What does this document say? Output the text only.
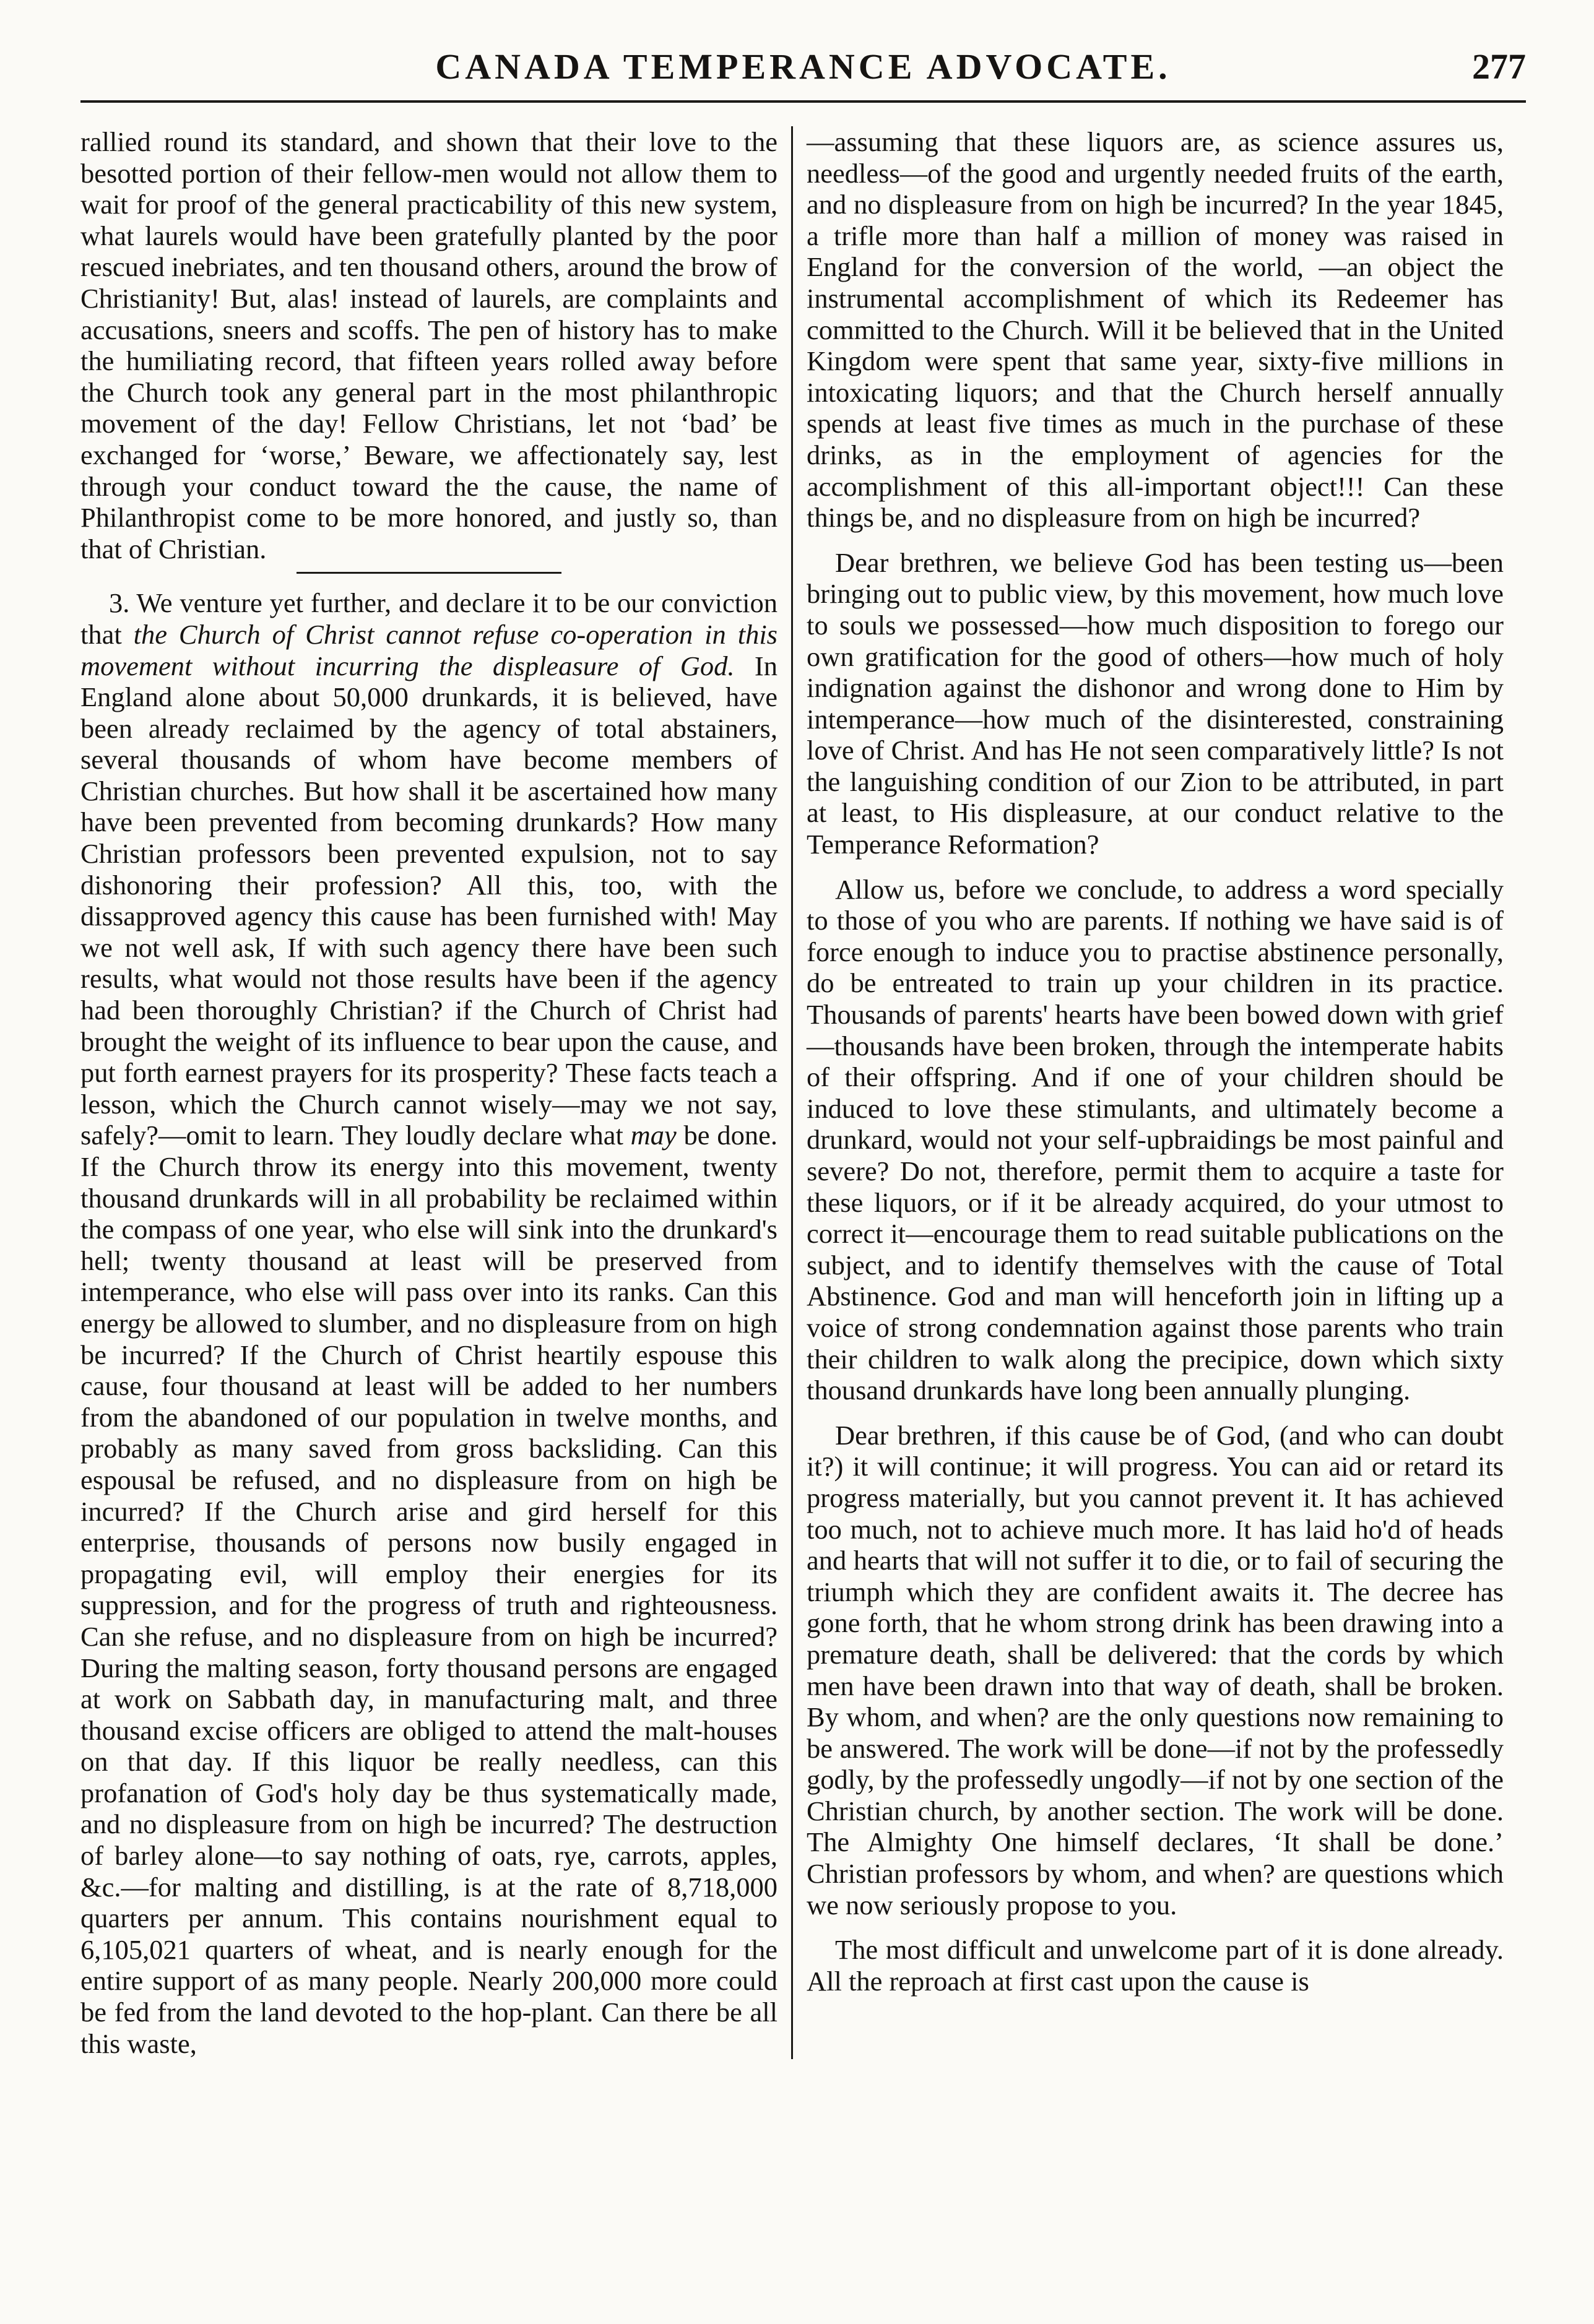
CANADA TEMPERANCE ADVOCATE.	277

rallied round its standard, and shown that their love to the besotted portion of their fellow-men would not allow them to wait for proof of the general practicability of this new system, what laurels would have been gratefully planted by the poor rescued inebriates, and ten thousand others, around the brow of Christianity! But, alas! instead of laurels, are complaints and accusations, sneers and scoffs. The pen of history has to make the humiliating record, that fifteen years rolled away before the Church took any general part in the most philanthropic movement of the day! Fellow Christians, let not ‘bad’ be exchanged for ‘worse,’ Beware, we affectionately say, lest through your conduct toward the the cause, the name of Philanthropist come to be more honored, and justly so, than that of Christian.

3. We venture yet further, and declare it to be our conviction that the Church of Christ cannot refuse co-operation in this movement without incurring the displeasure of God. In England alone about 50,000 drunkards, it is believed, have been already reclaimed by the agency of total abstainers, several thousands of whom have become members of Christian churches. But how shall it be ascertained how many have been prevented from becoming drunkards? How many Christian professors been prevented expulsion, not to say dishonoring their profession? All this, too, with the dissapproved agency this cause has been furnished with! May we not well ask, If with such agency there have been such results, what would not those results have been if the agency had been thoroughly Christian? if the Church of Christ had brought the weight of its influence to bear upon the cause, and put forth earnest prayers for its prosperity? These facts teach a lesson, which the Church cannot wisely—may we not say, safely?—omit to learn. They loudly declare what may be done. If the Church throw its energy into this movement, twenty thousand drunkards will in all probability be reclaimed within the compass of one year, who else will sink into the drunkard's hell; twenty thousand at least will be preserved from intemperance, who else will pass over into its ranks. Can this energy be allowed to slumber, and no displeasure from on high be incurred? If the Church of Christ heartily espouse this cause, four thousand at least will be added to her numbers from the abandoned of our population in twelve months, and probably as many saved from gross backsliding. Can this espousal be refused, and no displeasure from on high be incurred? If the Church arise and gird herself for this enterprise, thousands of persons now busily engaged in propagating evil, will employ their energies for its suppression, and for the progress of truth and righteousness. Can she refuse, and no displeasure from on high be incurred? During the malting season, forty thousand persons are engaged at work on Sabbath day, in manufacturing malt, and three thousand excise officers are obliged to attend the malt-houses on that day. If this liquor be really needless, can this profanation of God's holy day be thus systematically made, and no displeasure from on high be incurred? The destruction of barley alone—to say nothing of oats, rye, carrots, apples, &c.—for malting and distilling, is at the rate of 8,718,000 quarters per annum. This contains nourishment equal to 6,105,021 quarters of wheat, and is nearly enough for the entire support of as many people. Nearly 200,000 more could be fed from the land devoted to the hop-plant. Can there be all this waste,

—assuming that these liquors are, as science assures us, needless—of the good and urgently needed fruits of the earth, and no displeasure from on high be incurred? In the year 1845, a trifle more than half a million of money was raised in England for the conversion of the world, —an object the instrumental accomplishment of which its Redeemer has committed to the Church. Will it be believed that in the United Kingdom were spent that same year, sixty-five millions in intoxicating liquors; and that the Church herself annually spends at least five times as much in the purchase of these drinks, as in the employment of agencies for the accomplishment of this all-important object!!! Can these things be, and no displeasure from on high be incurred?

Dear brethren, we believe God has been testing us—been bringing out to public view, by this movement, how much love to souls we possessed—how much disposition to forego our own gratification for the good of others—how much of holy indignation against the dishonor and wrong done to Him by intemperance—how much of the disinterested, constraining love of Christ. And has He not seen comparatively little? Is not the languishing condition of our Zion to be attributed, in part at least, to His displeasure, at our conduct relative to the Temperance Reformation?

Allow us, before we conclude, to address a word specially to those of you who are parents. If nothing we have said is of force enough to induce you to practise abstinence personally, do be entreated to train up your children in its practice. Thousands of parents' hearts have been bowed down with grief—thousands have been broken, through the intemperate habits of their offspring. And if one of your children should be induced to love these stimulants, and ultimately become a drunkard, would not your self-upbraidings be most painful and severe? Do not, therefore, permit them to acquire a taste for these liquors, or if it be already acquired, do your utmost to correct it—encourage them to read suitable publications on the subject, and to identify themselves with the cause of Total Abstinence. God and man will henceforth join in lifting up a voice of strong condemnation against those parents who train their children to walk along the precipice, down which sixty thousand drunkards have long been annually plunging.

Dear brethren, if this cause be of God, (and who can doubt it?) it will continue; it will progress. You can aid or retard its progress materially, but you cannot prevent it. It has achieved too much, not to achieve much more. It has laid ho'd of heads and hearts that will not suffer it to die, or to fail of securing the triumph which they are confident awaits it. The decree has gone forth, that he whom strong drink has been drawing into a premature death, shall be delivered: that the cords by which men have been drawn into that way of death, shall be broken. By whom, and when? are the only questions now remaining to be answered. The work will be done—if not by the professedly godly, by the professedly ungodly—if not by one section of the Christian church, by another section. The work will be done. The Almighty One himself declares, ‘It shall be done.’ Christian professors by whom, and when? are questions which we now seriously propose to you.

The most difficult and unwelcome part of it is done already. All the reproach at first cast upon the cause is
